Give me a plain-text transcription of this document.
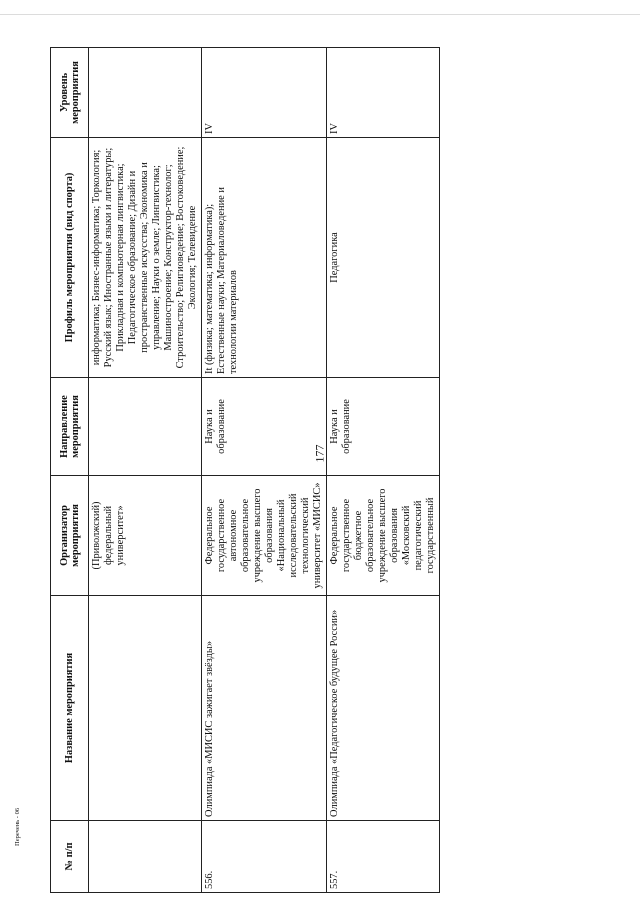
177
Перечень - 06
№ п/п	Название мероприятия	Организатор мероприятия	Направление мероприятия	Профиль мероприятия (вид спорта)	Уровень мероприятия
		(Приволжский) федеральный университет»		информатика; Бизнес-информатика; Торкология; Русский язык; Иностранные языки и литературы; Прикладная и компьютерная лингвистика; Педагогическое образование; Дизайн и пространственные искусства; Экономика и управление; Науки о земле; Лингвистика; Машиностроение; Конструктор-технолог; Строительство; Религиоведение; Востоковедение; Экология; Телевидение	
556.	Олимпиада «МИСИС зажигает звёзды»	Федеральное государственное автономное образовательное учреждение высшего образования «Национальный исследовательский технологический университет «МИСИС»	Наука и образование	It (физика; математика; информатика); Естественные науки; Материаловедение и технологии материалов	IV
557.	Олимпиада «Педагогическое будущее России»	Федеральное государственное бюджетное образовательное учреждение высшего образования «Московский педагогический государственный	Наука и образование	Педагогика	IV
